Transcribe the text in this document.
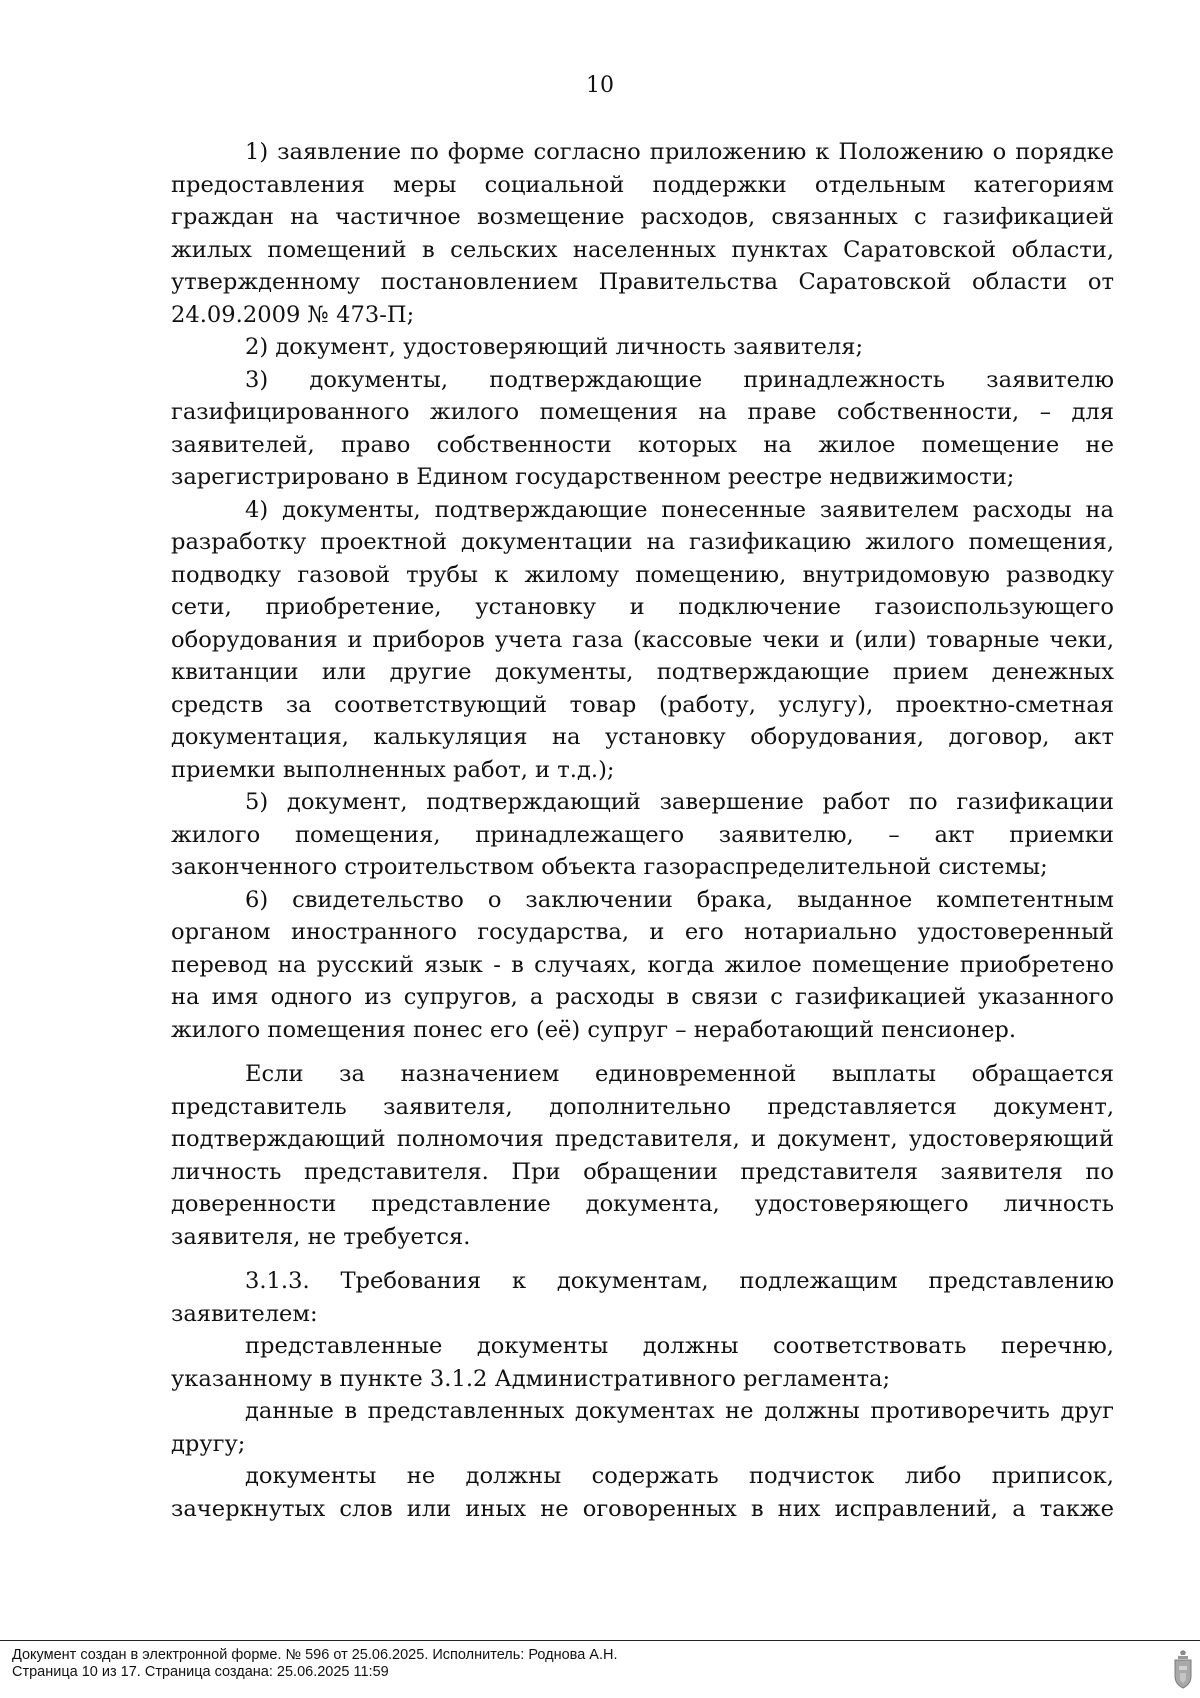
10

1) заявление по форме согласно приложению к Положению о порядке предоставления меры социальной поддержки отдельным категориям граждан на частичное возмещение расходов, связанных с газификацией жилых помещений в сельских населенных пунктах Саратовской области, утвержденному постановлением Правительства Саратовской области от 24.09.2009 № 473-П;

2) документ, удостоверяющий личность заявителя;

3) документы, подтверждающие принадлежность заявителю газифицированного жилого помещения на праве собственности, – для заявителей, право собственности которых на жилое помещение не зарегистрировано в Едином государственном реестре недвижимости;

4) документы, подтверждающие понесенные заявителем расходы на разработку проектной документации на газификацию жилого помещения, подводку газовой трубы к жилому помещению, внутридомовую разводку сети, приобретение, установку и подключение газоиспользующего оборудования и приборов учета газа (кассовые чеки и (или) товарные чеки, квитанции или другие документы, подтверждающие прием денежных средств за соответствующий товар (работу, услугу), проектно-сметная документация, калькуляция на установку оборудования, договор, акт приемки выполненных работ, и т.д.);

5) документ, подтверждающий завершение работ по газификации жилого помещения, принадлежащего заявителю, – акт приемки законченного строительством объекта газораспределительной системы;

6) свидетельство о заключении брака, выданное компетентным органом иностранного государства, и его нотариально удостоверенный перевод на русский язык - в случаях, когда жилое помещение приобретено на имя одного из супругов, а расходы в связи с газификацией указанного жилого помещения понес его (её) супруг – неработающий пенсионер.

Если за назначением единовременной выплаты обращается представитель заявителя, дополнительно представляется документ, подтверждающий полномочия представителя, и документ, удостоверяющий личность представителя. При обращении представителя заявителя по доверенности представление документа, удостоверяющего личность заявителя, не требуется.

3.1.3. Требования к документам, подлежащим представлению заявителем:

представленные документы должны соответствовать перечню, указанному в пункте 3.1.2 Административного регламента;

данные в представленных документах не должны противоречить друг другу;

документы не должны содержать подчисток либо приписок, зачеркнутых слов или иных не оговоренных в них исправлений, а также

Документ создан в электронной форме. № 596 от 25.06.2025. Исполнитель: Роднова А.Н.
Страница 10 из 17. Страница создана: 25.06.2025 11:59
